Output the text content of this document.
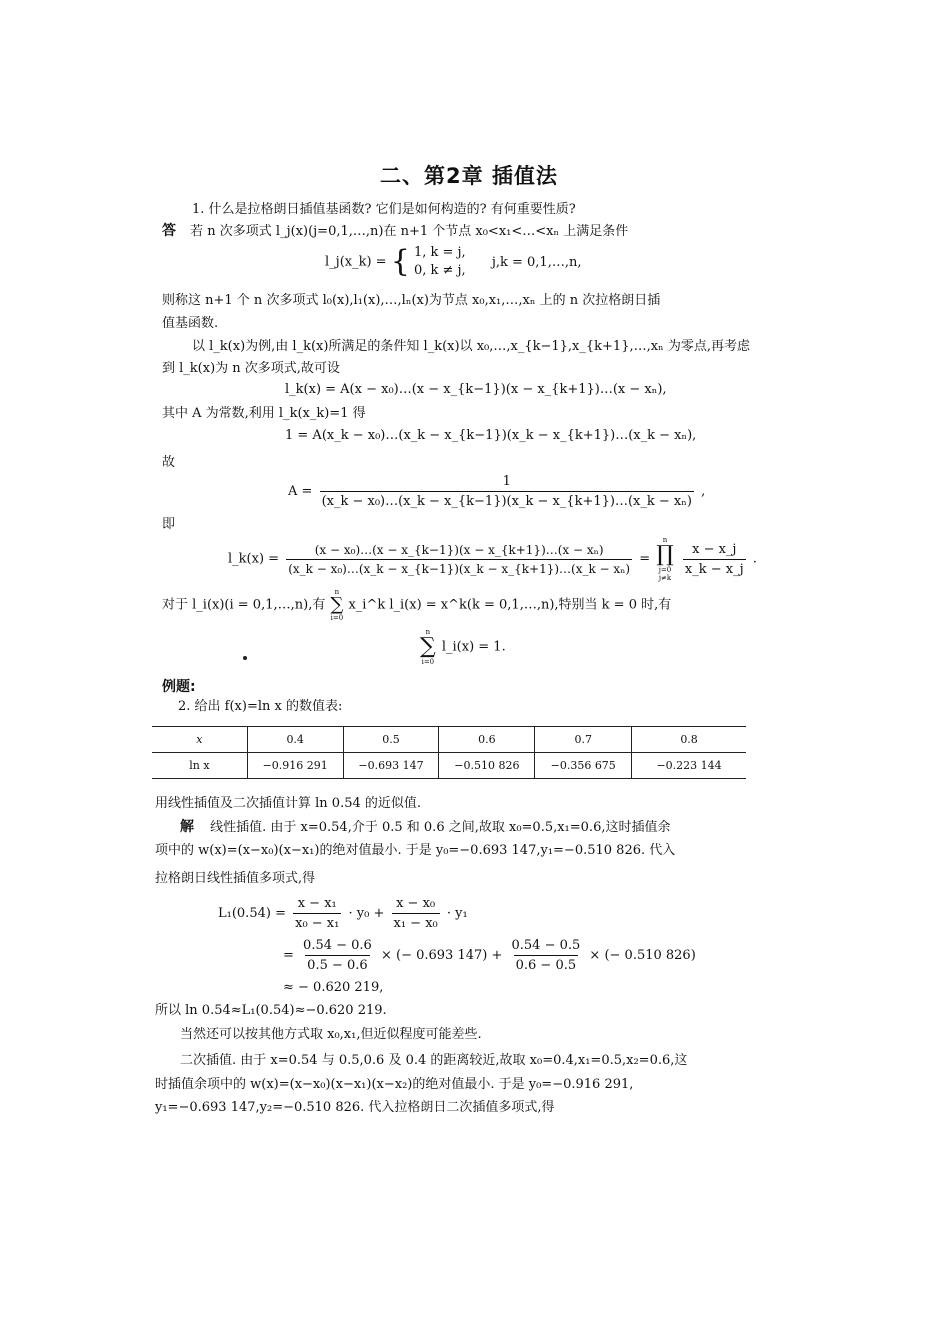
二、第2章 插值法
1. 什么是拉格朗日插值基函数? 它们是如何构造的? 有何重要性质?
答 若 n 次多项式 l_j(x)(j=0,1,…,n)在 n+1 个节点 x₀<x₁<…<xₙ 上满足条件
l_j(x_k) = { 1, k = j,
0, k ≠ j,
j,k = 0,1,…,n,
则称这 n+1 个 n 次多项式 l₀(x),l₁(x),…,lₙ(x)为节点 x₀,x₁,…,xₙ 上的 n 次拉格朗日插
值基函数.
以 l_k(x)为例,由 l_k(x)所满足的条件知 l_k(x)以 x₀,…,x_{k−1},x_{k+1},…,xₙ 为零点,再考虑
到 l_k(x)为 n 次多项式,故可设
l_k(x) = A(x − x₀)…(x − x_{k−1})(x − x_{k+1})…(x − xₙ),
其中 A 为常数,利用 l_k(x_k)=1 得
1 = A(x_k − x₀)…(x_k − x_{k−1})(x_k − x_{k+1})…(x_k − xₙ),
故
$A = \frac{1}{\text{(x\_k − x₀)…(x\_k − x\_\{k−1\})(x\_k − x\_\{k+1\})…(x\_k − xₙ)}}$ ,
即
l_k(x) = $\frac{\text{(x − x₀)…(x − x\_\{k−1\})(x − x\_\{k+1\})…(x − xₙ)}}{\text{(x\_k − x₀)…(x\_k − x\_\{k−1\})(x\_k − x\_\{k+1\})…(x\_k − xₙ)}}$ =
n
∏
j=0
j≠k

$\frac{x - x\_j}{x\_k - x\_j}$ .
对于 l_i(x)(i = 0,1,…,n),有
n
∑
i=0
x_i^k l_i(x) = x^k(k = 0,1,…,n),特别当 k = 0 时,有
n
∑
i=0
l_i(x) = 1.
例题:
2. 给出 f(x)=ln x 的数值表:
x	0.4	0.5	0.6	0.7	0.8
ln x	−0.916 291	−0.693 147	−0.510 826	−0.356 675	−0.223 144
用线性插值及二次插值计算 ln 0.54 的近似值.
解 线性插值. 由于 x=0.54,介于 0.5 和 0.6 之间,故取 x₀=0.5,x₁=0.6,这时插值余
项中的 w(x)=(x−x₀)(x−x₁)的绝对值最小. 于是 y₀=−0.693 147,y₁=−0.510 826. 代入
拉格朗日线性插值多项式,得
$L_1(0.54) = \frac{\text{x − x₁}}{\text{x₀ − x₁}} \cdot y_0 + \frac{\text{x − x₀}}{\text{x₁ − x₀}} \cdot y_1$
= $\frac{0.54 - 0.6}{0.5 - 0.6}$ × (− 0.693 $147) + \frac{0.54 - 0.5}{0.6 - 0.5}$ × (− 0.510 826)
≈ − 0.620 219,
所以 ln 0.54≈L₁(0.54)≈−0.620 219.
当然还可以按其他方式取 x₀,x₁,但近似程度可能差些.
二次插值. 由于 x=0.54 与 0.5,0.6 及 0.4 的距离较近,故取 x₀=0.4,x₁=0.5,x₂=0.6,这
时插值余项中的 w(x)=(x−x₀)(x−x₁)(x−x₂)的绝对值最小. 于是 y₀=−0.916 291,
y₁=−0.693 147,y₂=−0.510 826. 代入拉格朗日二次插值多项式,得
